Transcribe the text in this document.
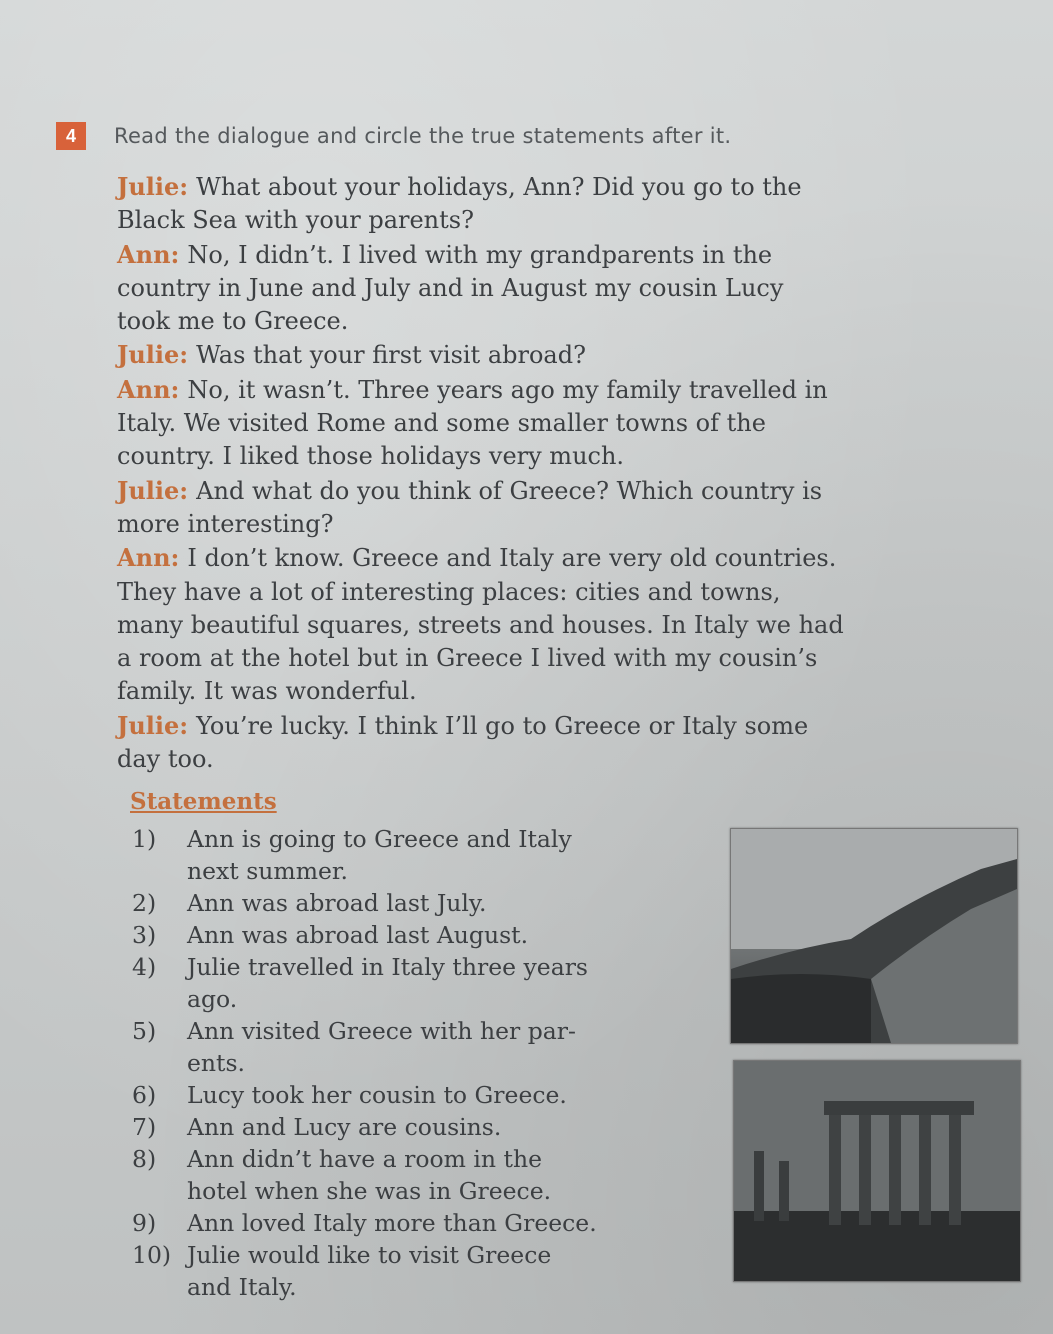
4	Read the dialogue and circle the true statements after it.
Julie: What about your holidays, Ann? Did you go to the
Black Sea with your parents?
Ann: No, I didn’t. I lived with my grandparents in the
country in June and July and in August my cousin Lucy
took me to Greece.
Julie: Was that your first visit abroad?
Ann: No, it wasn’t. Three years ago my family travelled in
Italy. We visited Rome and some smaller towns of the
country. I liked those holidays very much.
Julie: And what do you think of Greece? Which country is
more interesting?
Ann: I don’t know. Greece and Italy are very old countries.
They have a lot of interesting places: cities and towns,
many beautiful squares, streets and houses. In Italy we had
a room at the hotel but in Greece I lived with my cousin’s
family. It was wonderful.
Julie: You’re lucky. I think I’ll go to Greece or Italy some
day too.
Statements
1)	Ann is going to Greece and Italy
next summer.
2)	Ann was abroad last July.
3)	Ann was abroad last August.
4)	Julie travelled in Italy three years
ago.
5)	Ann visited Greece with her par-
ents.
6)	Lucy took her cousin to Greece.
7)	Ann and Lucy are cousins.
8)	Ann didn’t have a room in the
hotel when she was in Greece.
9)	Ann loved Italy more than Greece.
10) Julie would like to visit Greece
and Italy.
